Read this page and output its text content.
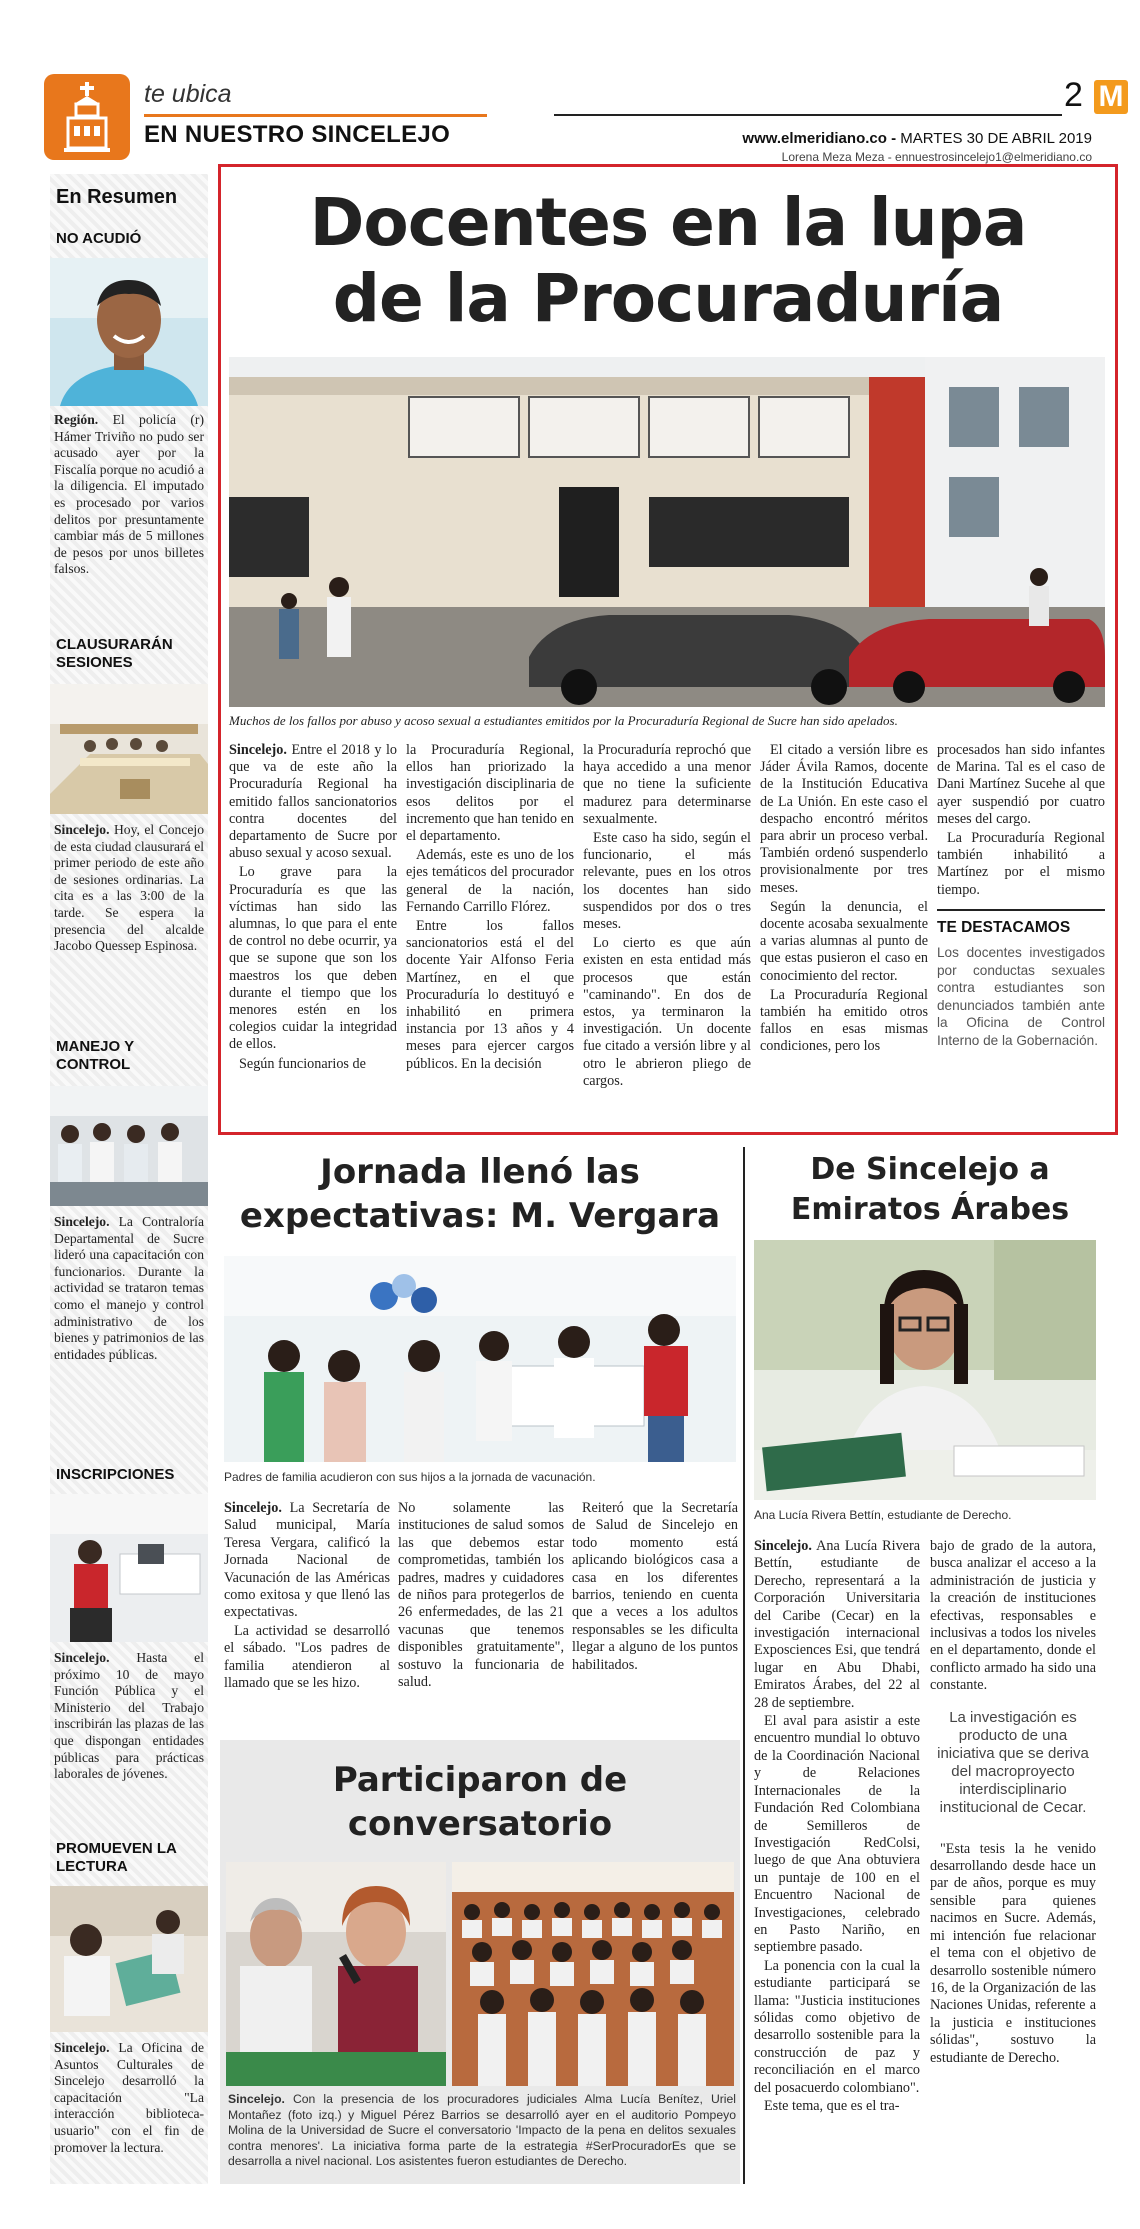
te ubica
EN NUESTRO SINCELEJO
2 M
www.elmeridiano.co - MARTES 30 DE ABRIL 2019
Lorena Meza Meza - ennuestrosincelejo1@elmeridiano.co
En Resumen
NO ACUDIÓ
Región. El policía (r) Hámer Triviño no pudo ser acusado ayer por la Fiscalía porque no acudió a la diligencia. El imputado es procesado por varios delitos por presuntamente cambiar más de 5 millones de pesos por unos billetes falsos.
CLAUSURARÁN SESIONES
Sincelejo. Hoy, el Concejo de esta ciudad clausurará el primer periodo de este año de sesiones ordinarias. La cita es a las 3:00 de la tarde. Se espera la presencia del alcalde Jacobo Quessep Espinosa.
MANEJO Y CONTROL
Sincelejo. La Contraloría Departamental de Sucre lideró una capacitación con funcionarios. Durante la actividad se trataron temas como el manejo y control administrativo de los bienes y patrimonios de las entidades públicas.
INSCRIPCIONES
Sincelejo. Hasta el próximo 10 de mayo Función Pública y el Ministerio del Trabajo inscribirán las plazas de las que dispongan entidades públicas para prácticas laborales de jóvenes.
PROMUEVEN LA LECTURA
Sincelejo. La Oficina de Asuntos Culturales de Sincelejo desarrolló la capacitación "La interacción biblioteca-usuario" con el fin de promover la lectura.
Docentes en la lupa
de la Procuraduría
Muchos de los fallos por abuso y acoso sexual a estudiantes emitidos por la Procuraduría Regional de Sucre han sido apelados.

Sincelejo. Entre el 2018 y lo que va de este año la Procuraduría Regional ha emitido fallos sancionatorios contra docentes del departamento de Sucre por abuso sexual y acoso sexual.

Lo grave para la Procuraduría es que las víctimas han sido las alumnas, lo que para el ente de control no debe ocurrir, ya que se supone que son los maestros los que deben durante el tiempo que los menores estén en los colegios cuidar la integridad de ellos.

Según funcionarios de

la Procuraduría Regional, ellos han priorizado la investigación disciplinaria de esos delitos por el incremento que han tenido en el departamento.

Además, este es uno de los ejes temáticos del procurador general de la nación, Fernando Carrillo Flórez.

Entre los fallos sancionatorios está el del docente Yair Alfonso Feria Martínez, en el que Procuraduría lo destituyó e inhabilitó en primera instancia por 13 años y 4 meses para ejercer cargos públicos. En la decisión

la Procuraduría reprochó que haya accedido a una menor que no tiene la suficiente madurez para determinarse sexualmente.

Este caso ha sido, según el funcionario, el más relevante, pues en los otros los docentes han sido suspendidos por dos o tres meses.

Lo cierto es que aún existen en esta entidad más procesos que están "caminando". En dos de estos, ya terminaron la investigación. Un docente fue citado a versión libre y al otro le abrieron pliego de cargos.

El citado a versión libre es Jáder Ávila Ramos, docente de la Institución Educativa de La Unión. En este caso el despacho encontró méritos para abrir un proceso verbal. También ordenó suspenderlo provisionalmente por tres meses.

Según la denuncia, el docente acosaba sexualmente a varias alumnas al punto de que estas pusieron el caso en conocimiento del rector.

La Procuraduría Regional también ha emitido otros fallos en esas mismas condiciones, pero los

procesados han sido infantes de Marina. Tal es el caso de Dani Martínez Sucehe al que ayer suspendió por cuatro meses del cargo.

La Procuraduría Regional también inhabilitó a Martínez por el mismo tiempo.

TE DESTACAMOS
Los docentes investigados por conductas sexuales contra estudiantes son denunciados también ante la Oficina de Control Interno de la Gobernación.
Jornada llenó las
expectativas: M. Vergara
Padres de familia acudieron con sus hijos a la jornada de vacunación.

Sincelejo. La Secretaría de Salud municipal, María Teresa Vergara, calificó la Jornada Nacional de Vacunación de las Américas como exitosa y que llenó las expectativas.

La actividad se desarrolló el sábado. "Los padres de familia atendieron al llamado que se les hizo.

No solamente las instituciones de salud somos las que debemos estar comprometidas, también los padres, madres y cuidadores de niños para protegerlos de 26 enfermedades, de las 21 vacunas que tenemos disponibles gratuitamente", sostuvo la funcionaria de salud.

Reiteró que la Secretaría de Salud de Sincelejo en todo momento está aplicando biológicos casa a casa en los diferentes barrios, teniendo en cuenta que a veces a los adultos responsables se les dificulta llegar a alguno de los puntos habilitados.

De Sincelejo a
Emiratos Árabes
Ana Lucía Rivera Bettín, estudiante de Derecho.

Sincelejo. Ana Lucía Rivera Bettín, estudiante de Derecho, representará a la Corporación Universitaria del Caribe (Cecar) en la investigación internacional Exposciences Esi, que tendrá lugar en Abu Dhabi, Emiratos Árabes, del 22 al 28 de septiembre.

El aval para asistir a este encuentro mundial lo obtuvo de la Coordinación Nacional y de Relaciones Internacionales de la Fundación Red Colombiana de Semilleros de Investigación RedColsi, luego de que Ana obtuviera un puntaje de 100 en el Encuentro Nacional de Investigaciones, celebrado en Pasto Nariño, en septiembre pasado.

La ponencia con la cual la estudiante participará se llama: "Justicia instituciones sólidas como objetivo de desarrollo sostenible para la construcción de paz y reconciliación en el marco del posacuerdo colombiano".

Este tema, que es el tra-

bajo de grado de la autora, busca analizar el acceso a la administración de justicia y la creación de instituciones efectivas, responsables e inclusivas a todos los niveles en el departamento, donde el conflicto armado ha sido una constante.

La investigación es producto de una iniciativa que se deriva del macroproyecto interdisciplinario institucional de Cecar.

"Esta tesis la he venido desarrollando desde hace un par de años, porque es muy sensible para quienes nacimos en Sucre. Además, mi intención fue relacionar el tema con el objetivo de desarrollo sostenible número 16, de la Organización de las Naciones Unidas, referente a la justicia e instituciones sólidas", sostuvo la estudiante de Derecho.

Participaron de
conversatorio
Sincelejo. Con la presencia de los procuradores judiciales Alma Lucía Benítez, Uriel Montañez (foto izq.) y Miguel Pérez Barrios se desarrolló ayer en el auditorio Pompeyo Molina de la Universidad de Sucre el conversatorio 'Impacto de la pena en delitos sexuales contra menores'. La iniciativa forma parte de la estrategia #SerProcuradorEs que se desarrolla a nivel nacional. Los asistentes fueron estudiantes de Derecho.
